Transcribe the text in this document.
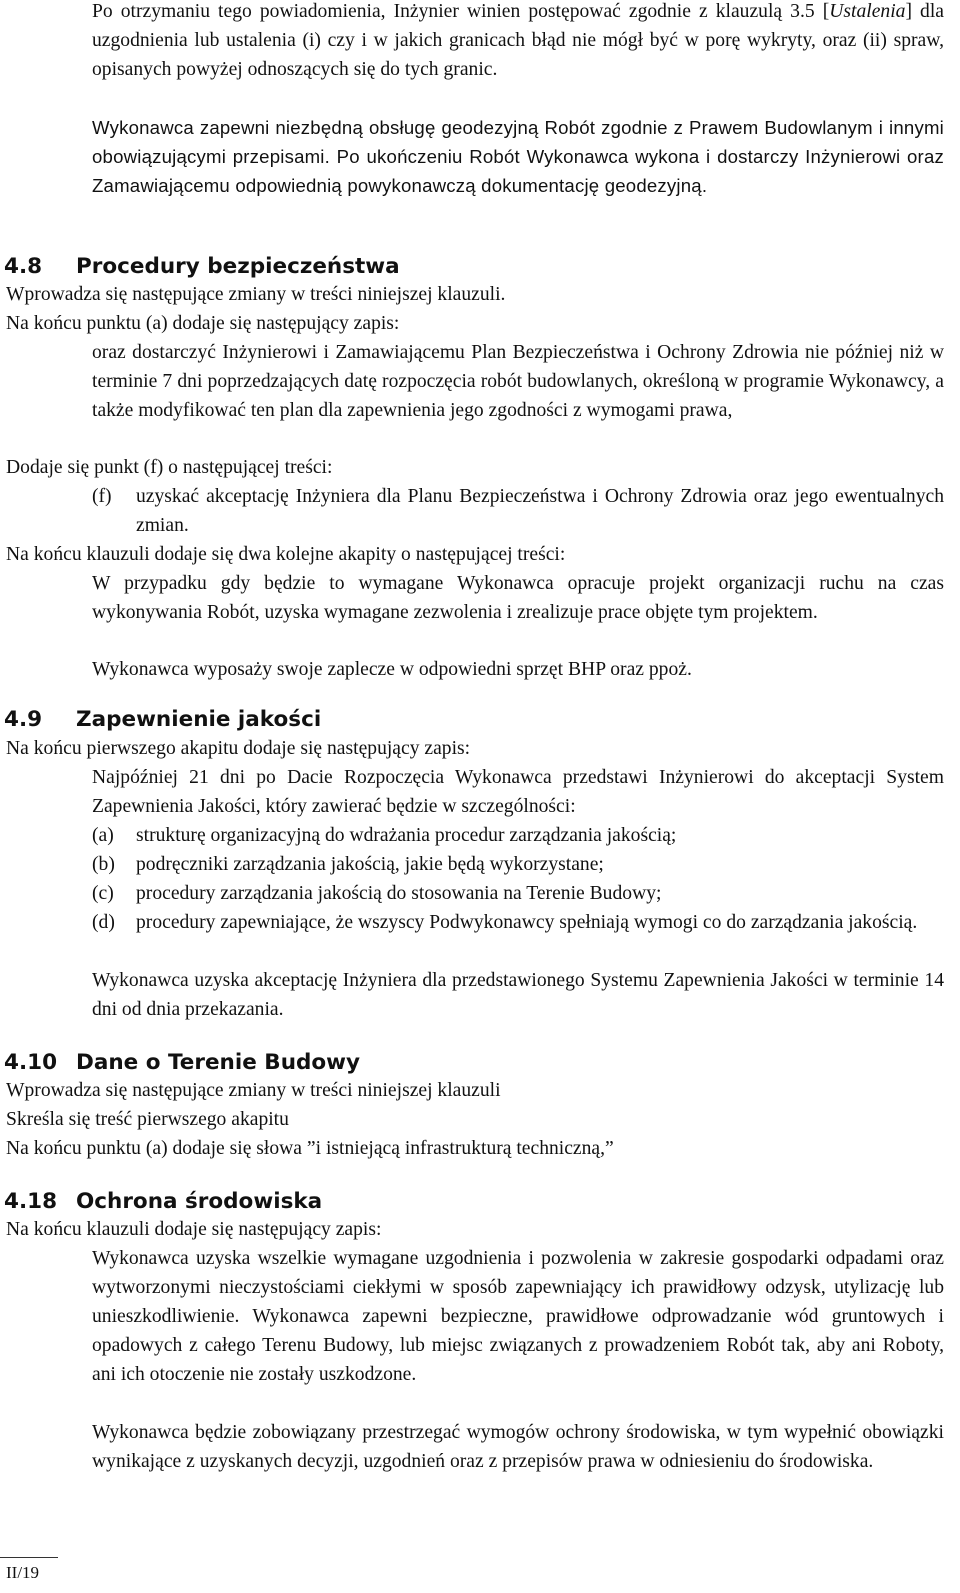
Po otrzymaniu tego powiadomienia, Inżynier winien postępować zgodnie z klauzulą 3.5 [Ustalenia] dla uzgodnienia lub ustalenia (i) czy i w jakich granicach błąd nie mógł być w porę wykryty, oraz (ii) spraw, opisanych powyżej odnoszących się do tych granic.
Wykonawca zapewni niezbędną obsługę geodezyjną Robót zgodnie z Prawem Budowlanym i innymi obowiązującymi przepisami. Po ukończeniu Robót Wykonawca wykona i dostarczy Inżynierowi oraz Zamawiającemu odpowiednią powykonawczą dokumentację geodezyjną.
4.8 Procedury bezpieczeństwa
Wprowadza się następujące zmiany w treści niniejszej klauzuli.
Na końcu punktu (a) dodaje się następujący zapis:
oraz dostarczyć Inżynierowi i Zamawiającemu Plan Bezpieczeństwa i Ochrony Zdrowia nie później niż w terminie 7 dni poprzedzających datę rozpoczęcia robót budowlanych, określoną w programie Wykonawcy, a także modyfikować ten plan dla zapewnienia jego zgodności z wymogami prawa,
Dodaje się punkt (f) o następującej treści:
(f) uzyskać akceptację Inżyniera dla Planu Bezpieczeństwa i Ochrony Zdrowia oraz jego ewentualnych zmian.
Na końcu klauzuli dodaje się dwa kolejne akapity o następującej treści:
W przypadku gdy będzie to wymagane Wykonawca opracuje projekt organizacji ruchu na czas wykonywania Robót, uzyska wymagane zezwolenia i zrealizuje prace objęte tym projektem.
Wykonawca wyposaży swoje zaplecze w odpowiedni sprzęt BHP oraz ppoż.
4.9 Zapewnienie jakości
Na końcu pierwszego akapitu dodaje się następujący zapis:
Najpóźniej 21 dni po Dacie Rozpoczęcia Wykonawca przedstawi Inżynierowi do akceptacji System Zapewnienia Jakości, który zawierać będzie w szczególności:
(a) strukturę organizacyjną do wdrażania procedur zarządzania jakością;
(b) podręczniki zarządzania jakością, jakie będą wykorzystane;
(c) procedury zarządzania jakością do stosowania na Terenie Budowy;
(d) procedury zapewniające, że wszyscy Podwykonawcy spełniają wymogi co do zarządzania jakością.
Wykonawca uzyska akceptację Inżyniera dla przedstawionego Systemu Zapewnienia Jakości w terminie 14 dni od dnia przekazania.
4.10 Dane o Terenie Budowy
Wprowadza się następujące zmiany w treści niniejszej klauzuli
Skreśla się treść pierwszego akapitu
Na końcu punktu (a) dodaje się słowa ”i istniejącą infrastrukturą techniczną,”
4.18 Ochrona środowiska
Na końcu klauzuli dodaje się następujący zapis:
Wykonawca uzyska wszelkie wymagane uzgodnienia i pozwolenia w zakresie gospodarki odpadami oraz wytworzonymi nieczystościami ciekłymi w sposób zapewniający ich prawidłowy odzysk, utylizację lub unieszkodliwienie. Wykonawca zapewni bezpieczne, prawidłowe odprowadzanie wód gruntowych i opadowych z całego Terenu Budowy, lub miejsc związanych z prowadzeniem Robót tak, aby ani Roboty, ani ich otoczenie nie zostały uszkodzone.
Wykonawca będzie zobowiązany przestrzegać wymogów ochrony środowiska, w tym wypełnić obowiązki wynikające z uzyskanych decyzji, uzgodnień oraz z przepisów prawa w odniesieniu do środowiska.
II/19
